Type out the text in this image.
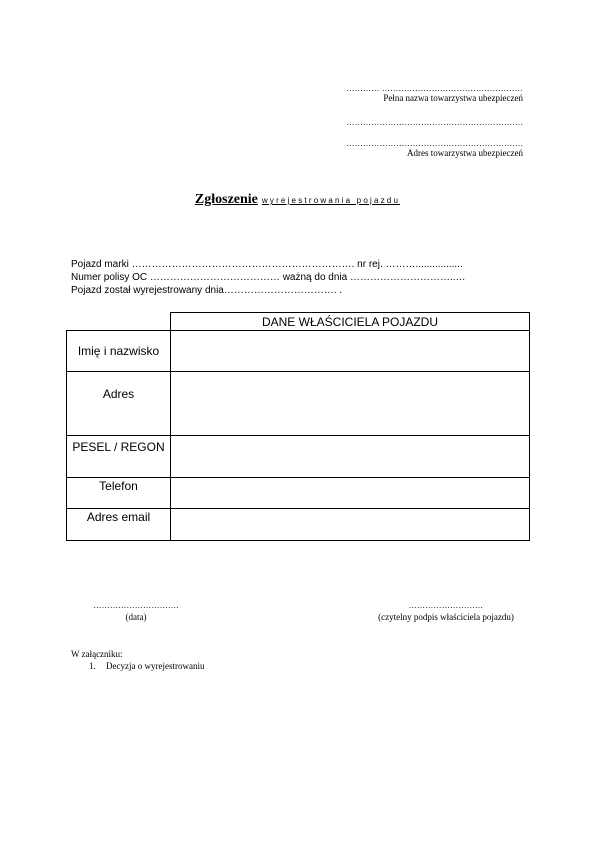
………… ……………………………………………
Pełna nazwa towarzystwa ubezpieczeń
……………………………………………………….
……………………………………………………….
Adres towarzystwa ubezpieczeń
Zgłoszenie wyrejestrowania pojazdu
Pojazd marki …………………………………………………………. nr rej. ……….................
Numer polisy OC ………………………………… ważną do dnia …………………………..…
Pojazd został wyrejestrowany dnia……………………………. .
	DANE WŁAŚCICIELA POJAZDU
Imię i nazwisko	
Adres	
PESEL / REGON	
Telefon	
Adres email	
………………………….
(data)
………………………
(czytelny podpis właściciela pojazdu)
W załączniku:
1. Decyzja o wyrejestrowaniu
